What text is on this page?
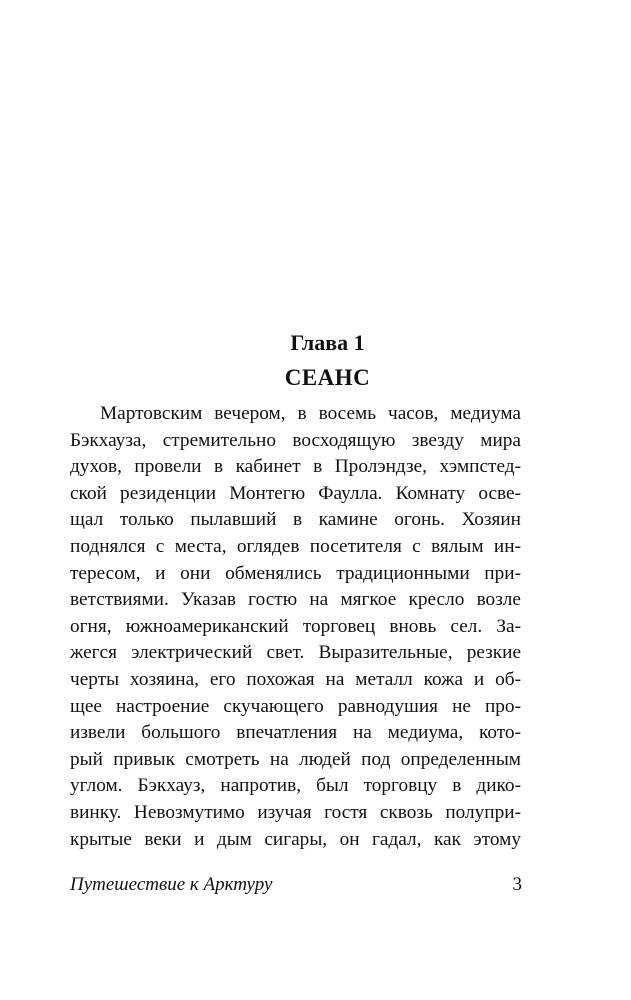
Глава 1
СЕАНС
Мартовским вечером, в восемь часов, медиума
Бэкхауза, стремительно восходящую звезду мира
духов, провели в кабинет в Пролэндзе, хэмпстед-
ской резиденции Монтегю Фаулла. Комнату осве-
щал только пылавший в камине огонь. Хозяин
поднялся с места, оглядев посетителя с вялым ин-
тересом, и они обменялись традиционными при-
ветствиями. Указав гостю на мягкое кресло возле
огня, южноамериканский торговец вновь сел. За-
жегся электрический свет. Выразительные, резкие
черты хозяина, его похожая на металл кожа и об-
щее настроение скучающего равнодушия не про-
извели большого впечатления на медиума, кото-
рый привык смотреть на людей под определенным
углом. Бэкхауз, напротив, был торговцу в дико-
винку. Невозмутимо изучая гостя сквозь полупри-
крытые веки и дым сигары, он гадал, как этому
Путешествие к Арктуру	3
